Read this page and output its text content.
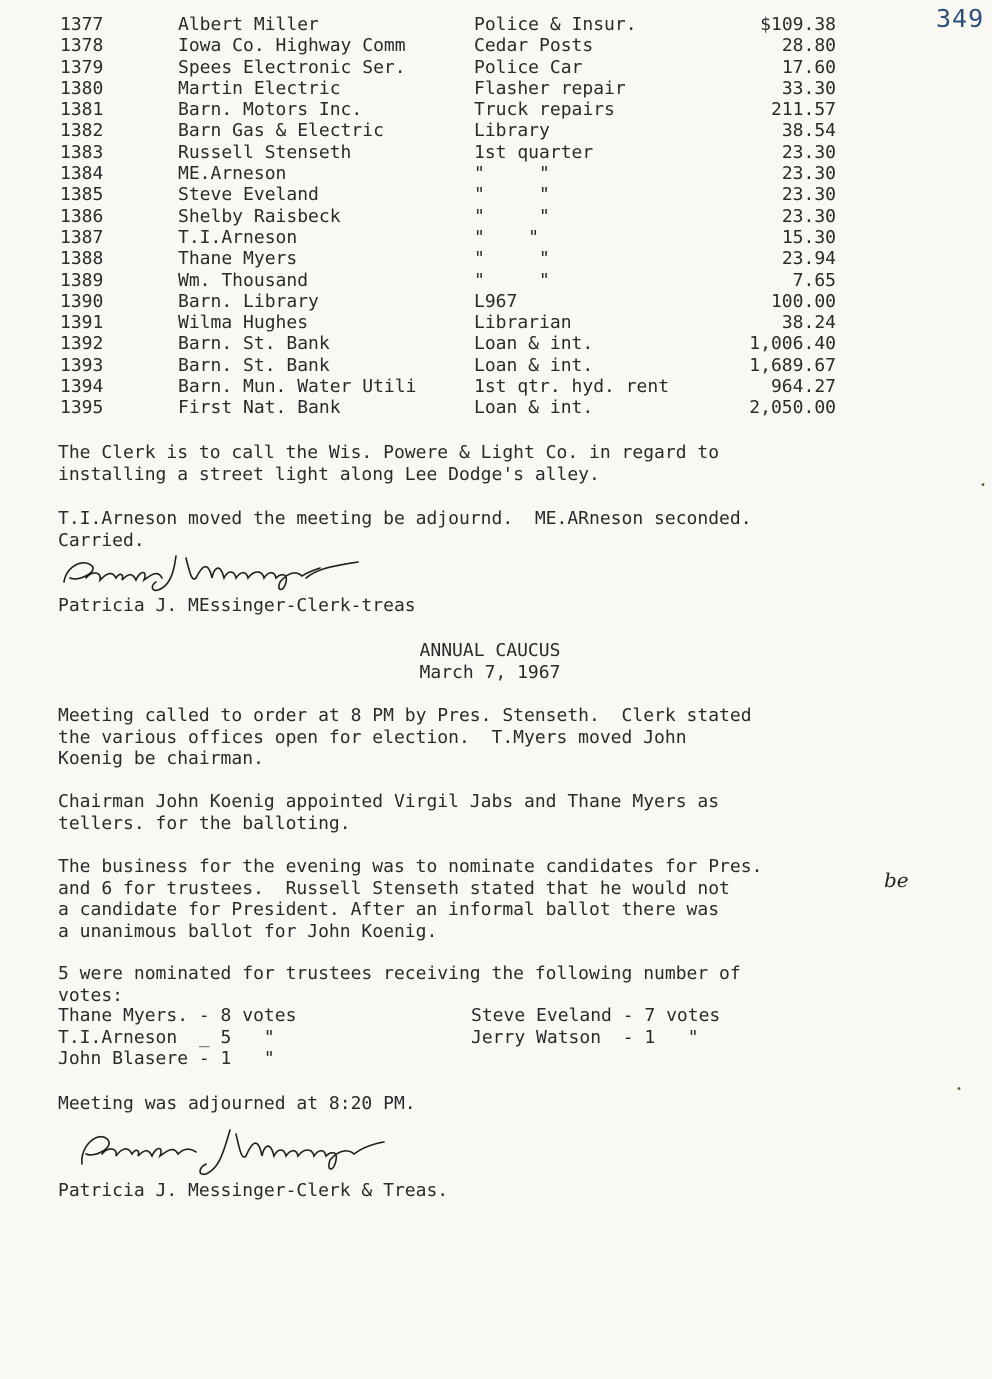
349
1377	Albert Miller	Police & Insur.	$109.38
1378	Iowa Co. Highway Comm	Cedar Posts	28.80
1379	Spees Electronic Ser.	Police Car	17.60
1380	Martin Electric	Flasher repair	33.30
1381	Barn. Motors Inc.	Truck repairs	211.57
1382	Barn Gas & Electric	Library	38.54
1383	Russell Stenseth	1st quarter	23.30
1384	ME.Arneson	"     "	23.30
1385	Steve Eveland	"     "	23.30
1386	Shelby Raisbeck	"     "	23.30
1387	T.I.Arneson	"    "	15.30
1388	Thane Myers	"     "	23.94
1389	Wm. Thousand	"     "	7.65
1390	Barn. Library	L967	100.00
1391	Wilma Hughes	Librarian	38.24
1392	Barn. St. Bank	Loan & int.	1,006.40
1393	Barn. St. Bank	Loan & int.	1,689.67
1394	Barn. Mun. Water Utili	1st qtr. hyd. rent	964.27
1395	First Nat. Bank	Loan & int.	2,050.00
The Clerk is to call the Wis. Powere & Light Co. in regard to
installing a street light along Lee Dodge's alley.
T.I.Arneson moved the meeting be adjournd.  ME.ARneson seconded.
Carried.
Patricia J. MEssinger-Clerk-treas
ANNUAL CAUCUS
March 7, 1967
Meeting called to order at 8 PM by Pres. Stenseth.  Clerk stated
the various offices open for election.  T.Myers moved John
Koenig be chairman.
Chairman John Koenig appointed Virgil Jabs and Thane Myers as
tellers. for the balloting.
The business for the evening was to nominate candidates for Pres.
and 6 for trustees.  Russell Stenseth stated that he would not
a candidate for President. After an informal ballot there was
a unanimous ballot for John Koenig.
be
5 were nominated for trustees receiving the following number of
votes:

Thane Myers. - 8 votes

	Steve Eveland - 7 votes

T.I.Arneson  _ 5   "

	Jerry Watson  - 1   "

John Blasere - 1   "

Meeting was adjourned at 8:20 PM.
Patricia J. Messinger-Clerk & Treas.
•
•
